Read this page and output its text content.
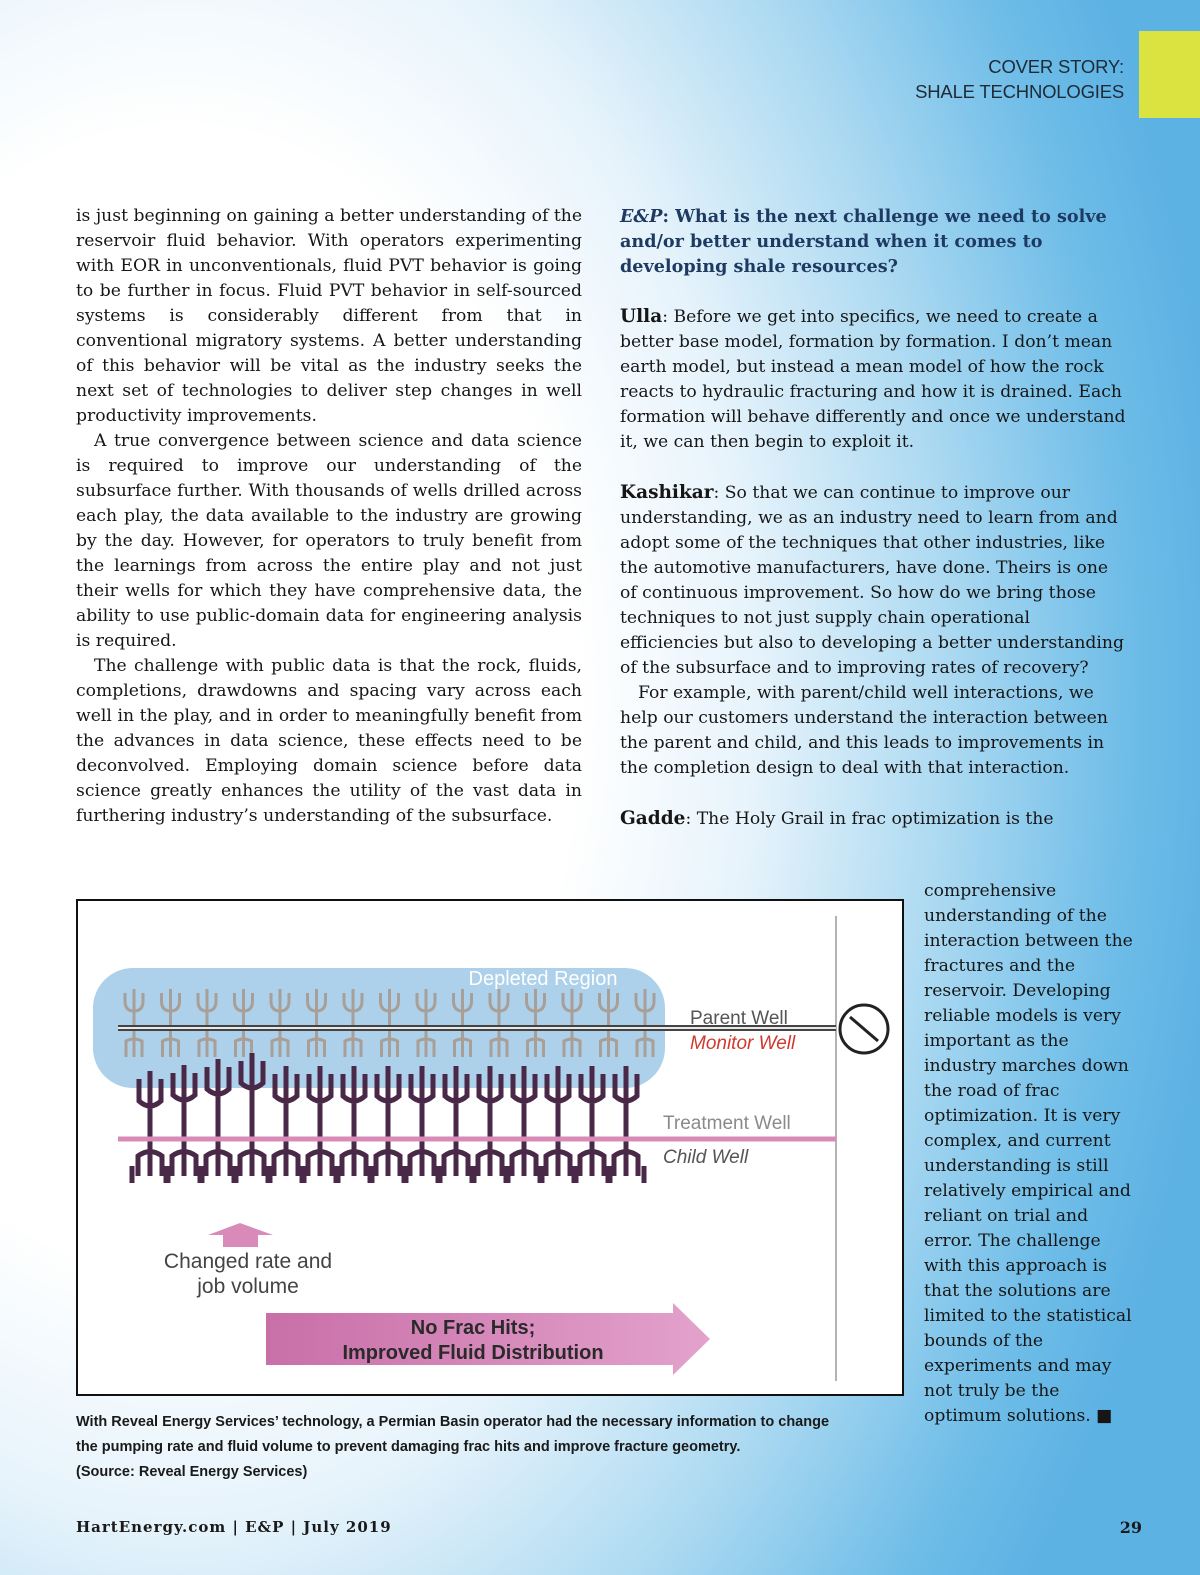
COVER STORY:
SHALE TECHNOLOGIES

is just beginning on gaining a better understanding of the reservoir fluid behavior. With operators experimenting with EOR in unconventionals, fluid PVT behavior is going to be further in focus. Fluid PVT behavior in self-sourced systems is considerably different from that in conventional migratory systems. A better understanding of this behavior will be vital as the industry seeks the next set of technologies to deliver step changes in well productivity improvements.

A true convergence between science and data science is required to improve our understanding of the subsurface further. With thousands of wells drilled across each play, the data available to the industry are growing by the day. However, for operators to truly benefit from the learnings from across the entire play and not just their wells for which they have comprehensive data, the ability to use public-domain data for engineering analysis is required.

The challenge with public data is that the rock, fluids, completions, drawdowns and spacing vary across each well in the play, and in order to meaningfully benefit from the advances in data science, these effects need to be deconvolved. Employing domain science before data science greatly enhances the utility of the vast data in furthering industry’s understanding of the subsurface.

E&P: What is the next challenge we need to solve and/or better understand when it comes to developing shale resources?

Ulla: Before we get into specifics, we need to create a better base model, formation by formation. I don’t mean earth model, but instead a mean model of how the rock reacts to hydraulic fracturing and how it is drained. Each formation will behave differently and once we understand it, we can then begin to exploit it.

Kashikar: So that we can continue to improve our understanding, we as an industry need to learn from and adopt some of the techniques that other industries, like the automotive manufacturers, have done. Theirs is one of continuous improvement. So how do we bring those techniques to not just supply chain operational efficiencies but also to developing a better understanding of the subsurface and to improving rates of recovery?

For example, with parent/child well interactions, we help our customers understand the interaction between the parent and child, and this leads to improvements in the completion design to deal with that interaction.

Gadde: The Holy Grail in frac optimization is the

comprehensive understanding of the interaction between the fractures and the reservoir. Developing reliable models is very important as the industry marches down the road of frac optimization. It is very complex, and current understanding is still relatively empirical and reliant on trial and error. The challenge with this approach is that the solutions are limited to the statistical bounds of the experiments and may not truly be the optimum solutions. ■
Depleted Region
Parent Well
Monitor Well
Treatment Well
Child Well
Changed rate and
job volume
No Frac Hits;
Improved Fluid Distribution
With Reveal Energy Services’ technology, a Permian Basin operator had the necessary information to change
the pumping rate and fluid volume to prevent damaging frac hits and improve fracture geometry.
(Source: Reveal Energy Services)
HartEnergy.com | E&P | July 2019	29
